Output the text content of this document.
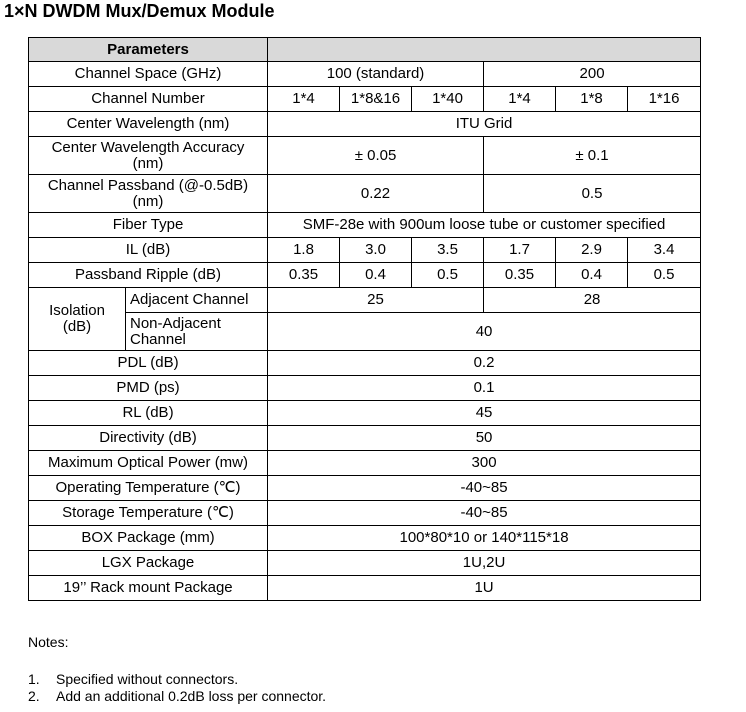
1×N DWDM Mux/Demux Module
Parameters							
Channel Space (GHz)		100 (standard)			200		
Channel Number		1*4	1*8&16	1*40	1*4	1*8	1*16
Center Wavelength (nm)		ITU Grid					
Center Wavelength Accuracy
(nm)		± 0.05			± 0.1		
Channel Passband (@-0.5dB)
(nm)		0.22			0.5		
Fiber Type		SMF-28e with 900um loose tube or customer specified					
IL (dB)		1.8	3.0	3.5	1.7	2.9	3.4
Passband Ripple (dB)		0.35	0.4	0.5	0.35	0.4	0.5
Isolation
(dB)	Adjacent Channel	25			28		
	Non-Adjacent
Channel	40					
PDL (dB)		0.2					
PMD (ps)		0.1					
RL (dB)		45					
Directivity (dB)		50					
Maximum Optical Power (mw)		300					
Operating Temperature (℃)		-40~85					
Storage Temperature (℃)		-40~85					
BOX Package (mm)		100*80*10 or 140*115*18					
LGX Package		1U,2U					
19’’ Rack mount Package		1U					
Notes:
1. Specified without connectors.
2. Add an additional 0.2dB loss per connector.
